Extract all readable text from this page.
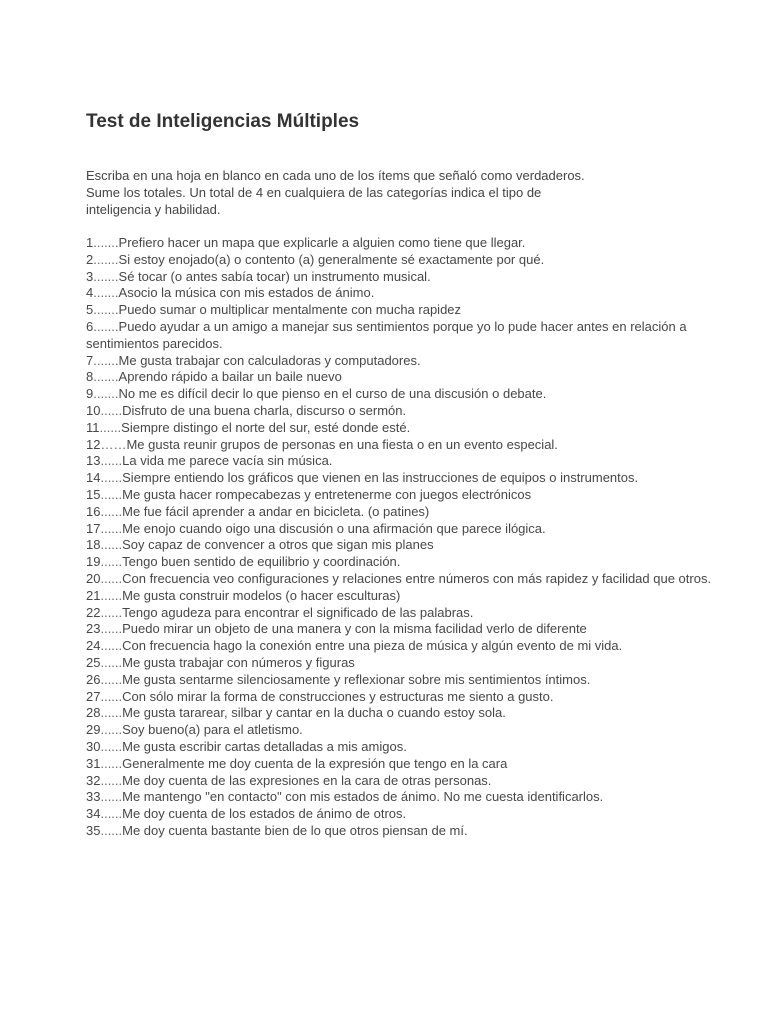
Test de Inteligencias Múltiples

Escriba en una hoja en blanco en cada uno de los ítems que señaló como verdaderos.
Sume los totales. Un total de 4 en cualquiera de las categorías indica el tipo de
inteligencia y habilidad.

1.......Prefiero hacer un mapa que explicarle a alguien como tiene que llegar.
2.......Si estoy enojado(a) o contento (a) generalmente sé exactamente por qué.
3.......Sé tocar (o antes sabía tocar) un instrumento musical.
4.......Asocio la música con mis estados de ánimo.
5.......Puedo sumar o multiplicar mentalmente con mucha rapidez
6.......Puedo ayudar a un amigo a manejar sus sentimientos porque yo lo pude hacer antes en relación a sentimientos parecidos.
7.......Me gusta trabajar con calculadoras y computadores.
8.......Aprendo rápido a bailar un baile nuevo
9.......No me es difícil decir lo que pienso en el curso de una discusión o debate.
10......Disfruto de una buena charla, discurso o sermón.
11......Siempre distingo el norte del sur, esté donde esté.
12……Me gusta reunir grupos de personas en una fiesta o en un evento especial.
13......La vida me parece vacía sin música.
14......Siempre entiendo los gráficos que vienen en las instrucciones de equipos o instrumentos.
15......Me gusta hacer rompecabezas y entretenerme con juegos electrónicos
16......Me fue fácil aprender a andar en bicicleta. (o patines)
17......Me enojo cuando oigo una discusión o una afirmación que parece ilógica.
18......Soy capaz de convencer a otros que sigan mis planes
19......Tengo buen sentido de equilibrio y coordinación.
20......Con frecuencia veo configuraciones y relaciones entre números con más rapidez y facilidad que otros.
21......Me gusta construir modelos (o hacer esculturas)
22......Tengo agudeza para encontrar el significado de las palabras.
23......Puedo mirar un objeto de una manera y con la misma facilidad verlo de diferente
24......Con frecuencia hago la conexión entre una pieza de música y algún evento de mi vida.
25......Me gusta trabajar con números y figuras
26......Me gusta sentarme silenciosamente y reflexionar sobre mis sentimientos íntimos.
27......Con sólo mirar la forma de construcciones y estructuras me siento a gusto.
28......Me gusta tararear, silbar y cantar en la ducha o cuando estoy sola.
29......Soy bueno(a) para el atletismo.
30......Me gusta escribir cartas detalladas a mis amigos.
31......Generalmente me doy cuenta de la expresión que tengo en la cara
32......Me doy cuenta de las expresiones en la cara de otras personas.
33......Me mantengo "en contacto" con mis estados de ánimo. No me cuesta identificarlos.
34......Me doy cuenta de los estados de ánimo de otros.
35......Me doy cuenta bastante bien de lo que otros piensan de mí.
